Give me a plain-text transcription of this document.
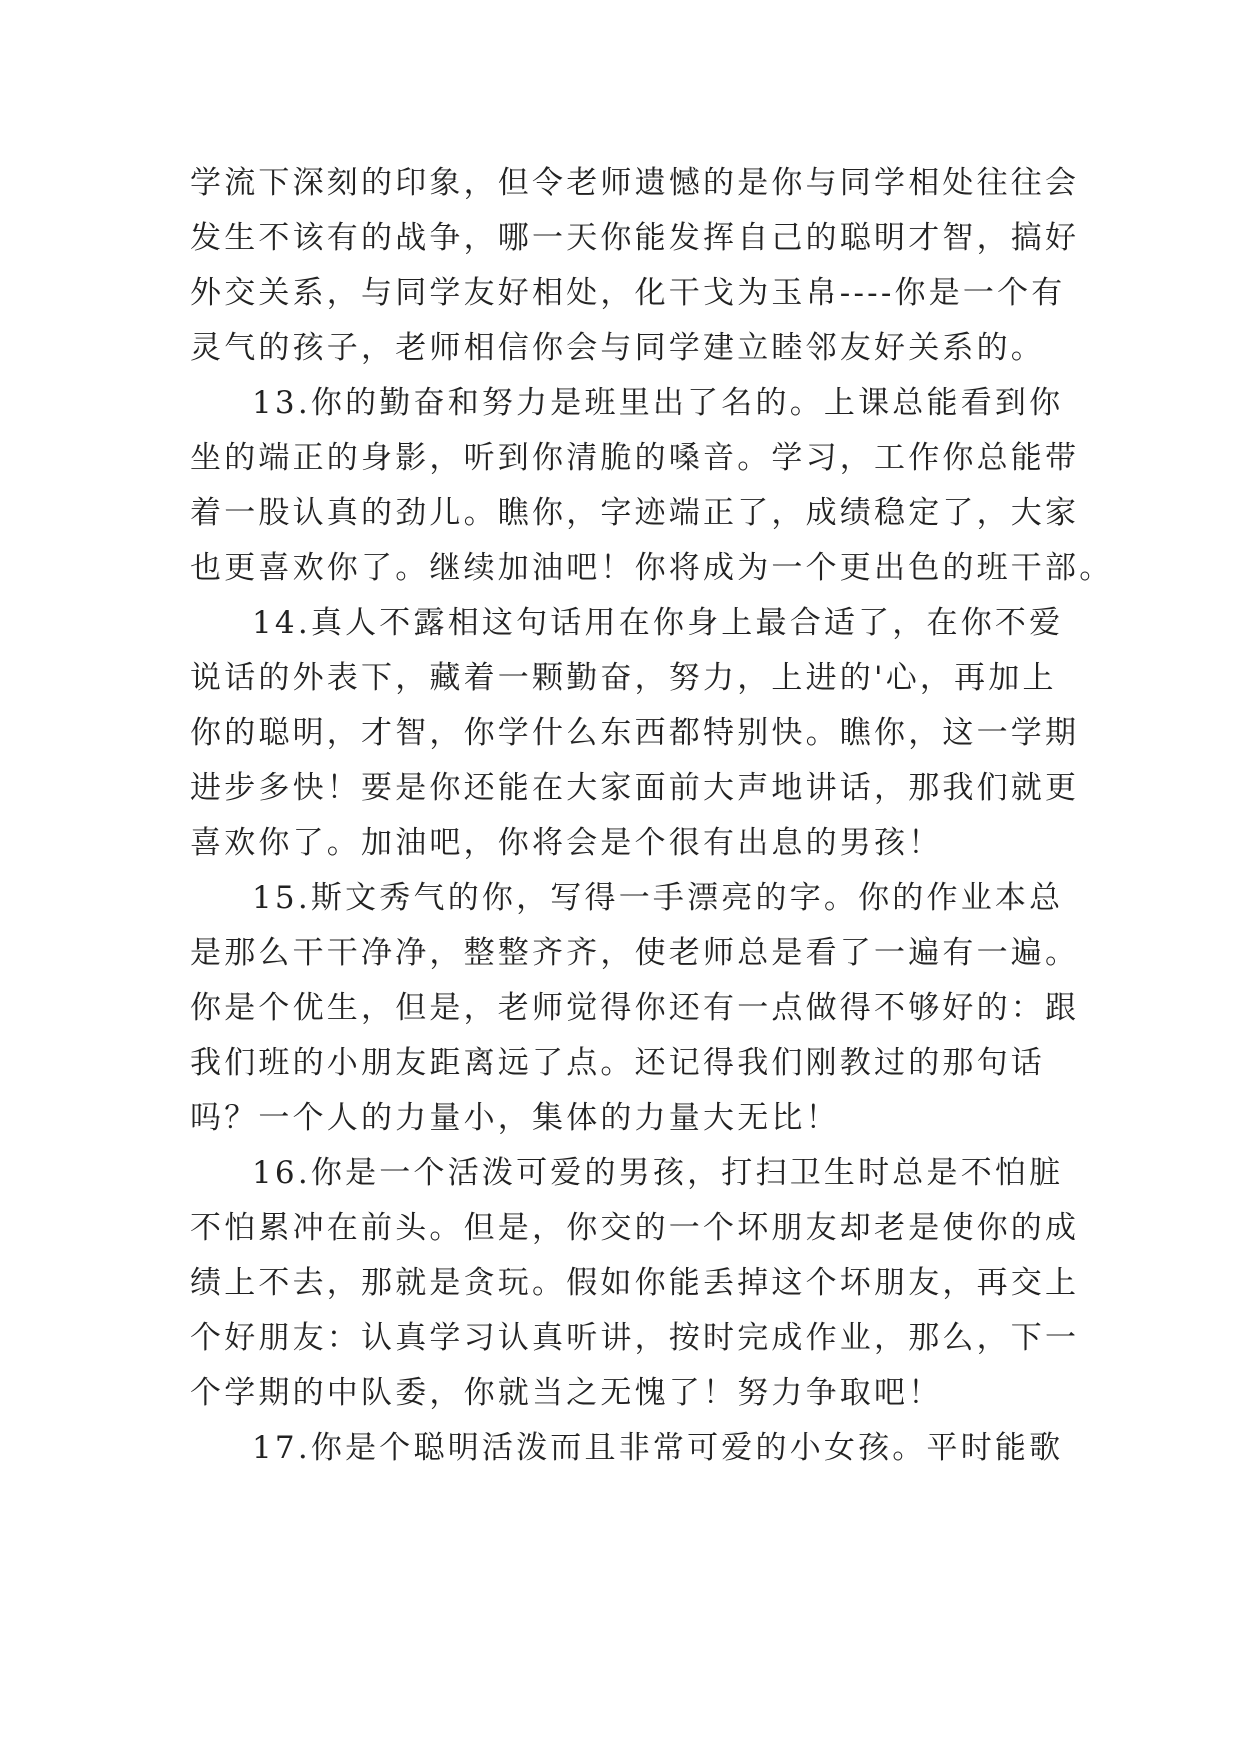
学流下深刻的印象，但令老师遗憾的是你与同学相处往往会
发生不该有的战争，哪一天你能发挥自己的聪明才智，搞好
外交关系，与同学友好相处，化干戈为玉帛----你是一个有
灵气的孩子，老师相信你会与同学建立睦邻友好关系的。
13.你的勤奋和努力是班里出了名的。上课总能看到你
坐的端正的身影，听到你清脆的嗓音。学习，工作你总能带
着一股认真的劲儿。瞧你，字迹端正了，成绩稳定了，大家
也更喜欢你了。继续加油吧！你将成为一个更出色的班干部。
14.真人不露相这句话用在你身上最合适了，在你不爱
说话的外表下，藏着一颗勤奋，努力，上进的'心，再加上
你的聪明，才智，你学什么东西都特别快。瞧你，这一学期
进步多快！要是你还能在大家面前大声地讲话，那我们就更
喜欢你了。加油吧，你将会是个很有出息的男孩！
15.斯文秀气的你，写得一手漂亮的字。你的作业本总
是那么干干净净，整整齐齐，使老师总是看了一遍有一遍。
你是个优生，但是，老师觉得你还有一点做得不够好的：跟
我们班的小朋友距离远了点。还记得我们刚教过的那句话
吗？一个人的力量小，集体的力量大无比！
16.你是一个活泼可爱的男孩，打扫卫生时总是不怕脏
不怕累冲在前头。但是，你交的一个坏朋友却老是使你的成
绩上不去，那就是贪玩。假如你能丢掉这个坏朋友，再交上
个好朋友：认真学习认真听讲，按时完成作业，那么，下一
个学期的中队委，你就当之无愧了！努力争取吧！
17.你是个聪明活泼而且非常可爱的小女孩。平时能歌
